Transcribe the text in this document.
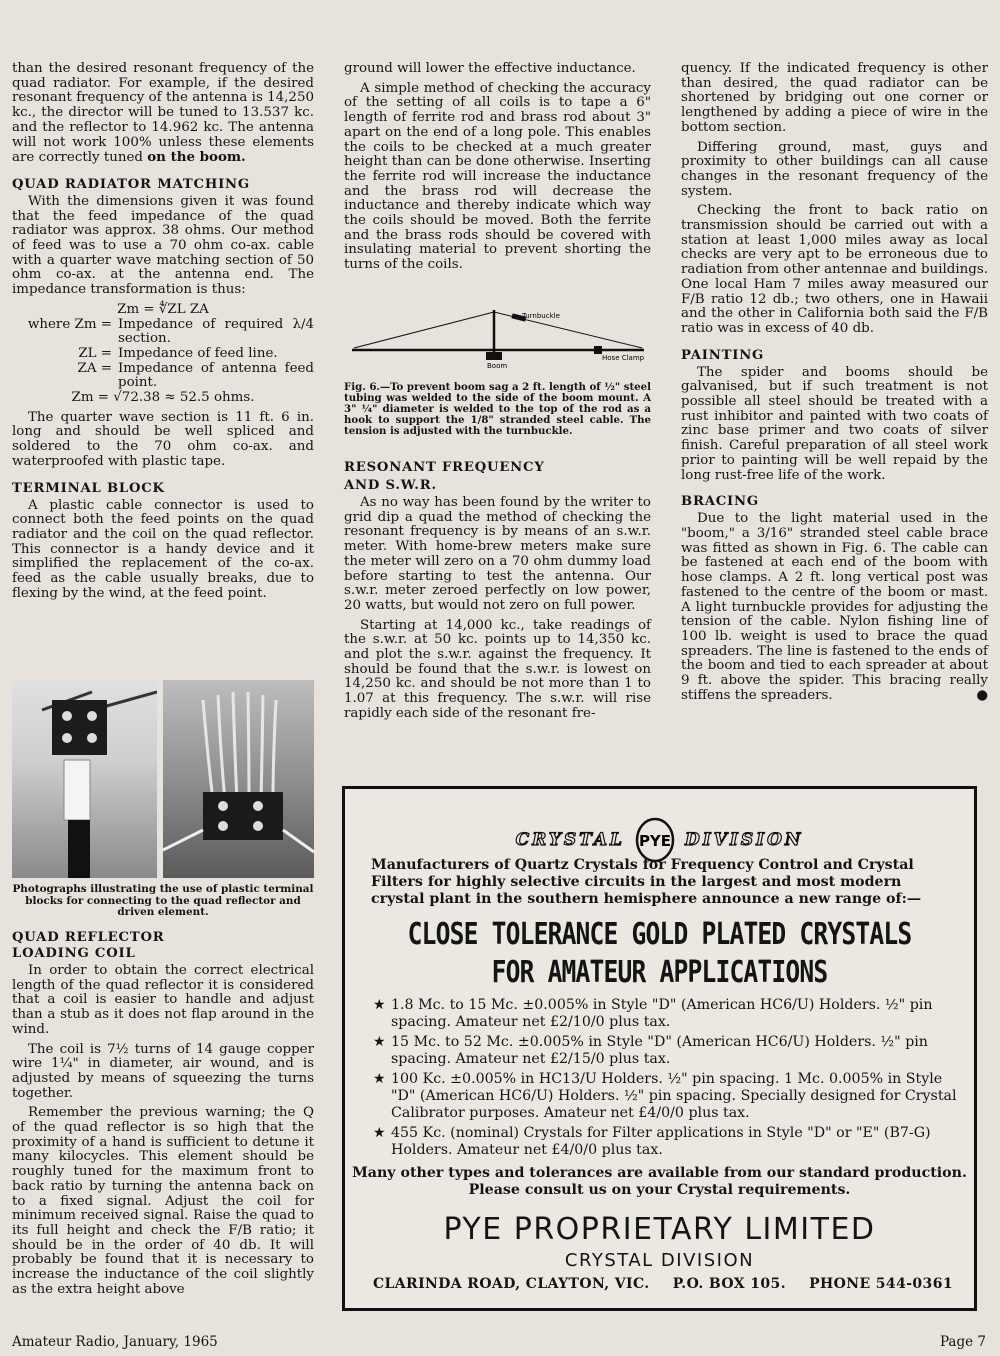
than the desired resonant frequency of the quad radiator. For example, if the desired resonant frequency of the antenna is 14,250 kc., the director will be tuned to 13.537 kc. and the reflector to 14.962 kc. The antenna will not work 100% unless these elements are correctly tuned on the boom.

QUAD RADIATOR MATCHING

With the dimensions given it was found that the feed impedance of the quad radiator was approx. 38 ohms. Our method of feed was to use a 70 ohm co-ax. cable with a quarter wave matching section of 50 ohm co-ax. at the antenna end. The impedance transformation is thus:

Zm = ∜ZL ZA
where Zm = Impedance of required λ/4 section.
ZL = Impedance of feed line.
ZA = Impedance of antenna feed point.
Zm = √72.38 ≈ 52.5 ohms.

The quarter wave section is 11 ft. 6 in. long and should be well spliced and soldered to the 70 ohm co-ax. and waterproofed with plastic tape.

TERMINAL BLOCK

A plastic cable connector is used to connect both the feed points on the quad radiator and the coil on the quad reflector. This connector is a handy device and it simplified the replacement of the co-ax. feed as the cable usually breaks, due to flexing by the wind, at the feed point.

Photographs illustrating the use of plastic terminal blocks for connecting to the quad reflector and driven element.
QUAD REFLECTOR
LOADING COIL

In order to obtain the correct electrical length of the quad reflector it is considered that a coil is easier to handle and adjust than a stub as it does not flap around in the wind.

The coil is 7½ turns of 14 gauge copper wire 1¼" in diameter, air wound, and is adjusted by means of squeezing the turns together.

Remember the previous warning; the Q of the quad reflector is so high that the proximity of a hand is sufficient to detune it many kilocycles. This element should be roughly tuned for the maximum front to back ratio by turning the antenna back on to a fixed signal. Adjust the coil for minimum received signal. Raise the quad to its full height and check the F/B ratio; it should be in the order of 40 db. It will probably be found that it is necessary to increase the inductance of the coil slightly as the extra height above

ground will lower the effective inductance.

A simple method of checking the accuracy of the setting of all coils is to tape a 6" length of ferrite rod and brass rod about 3" apart on the end of a long pole. This enables the coils to be checked at a much greater height than can be done otherwise. Inserting the ferrite rod will increase the inductance and the brass rod will decrease the inductance and thereby indicate which way the coils should be moved. Both the ferrite and the brass rods should be covered with insulating material to prevent shorting the turns of the coils.

Turnbuckle
Boom
Hose Clamp
Fig. 6.—To prevent boom sag a 2 ft. length of ½" steel tubing was welded to the side of the boom mount. A 3" ¼" diameter is welded to the top of the rod as a hook to support the 1/8" stranded steel cable. The tension is adjusted with the turnbuckle.
RESONANT FREQUENCY
AND S.W.R.

As no way has been found by the writer to grid dip a quad the method of checking the resonant frequency is by means of an s.w.r. meter. With home-brew meters make sure the meter will zero on a 70 ohm dummy load before starting to test the antenna. Our s.w.r. meter zeroed perfectly on low power, 20 watts, but would not zero on full power.

Starting at 14,000 kc., take readings of the s.w.r. at 50 kc. points up to 14,350 kc. and plot the s.w.r. against the frequency. It should be found that the s.w.r. is lowest on 14,250 kc. and should be not more than 1 to 1.07 at this frequency. The s.w.r. will rise rapidly each side of the resonant fre-

quency. If the indicated frequency is other than desired, the quad radiator can be shortened by bridging out one corner or lengthened by adding a piece of wire in the bottom section.

Differing ground, mast, guys and proximity to other buildings can all cause changes in the resonant frequency of the system.

Checking the front to back ratio on transmission should be carried out with a station at least 1,000 miles away as local checks are very apt to be erroneous due to radiation from other antennae and buildings. One local Ham 7 miles away measured our F/B ratio 12 db.; two others, one in Hawaii and the other in California both said the F/B ratio was in excess of 40 db.

PAINTING

The spider and booms should be galvanised, but if such treatment is not possible all steel should be treated with a rust inhibitor and painted with two coats of zinc base primer and two coats of silver finish. Careful preparation of all steel work prior to painting will be well repaid by the long rust-free life of the work.

BRACING

Due to the light material used in the "boom," a 3/16" stranded steel cable brace was fitted as shown in Fig. 6. The cable can be fastened at each end of the boom with hose clamps. A 2 ft. long vertical post was fastened to the centre of the boom or mast. A light turnbuckle provides for adjusting the tension of the cable. Nylon fishing line of 100 lb. weight is used to brace the quad spreaders. The line is fastened to the ends of the boom and tied to each spreader at about 9 ft. above the spider. This bracing really stiffens the spreaders.	●

CRYSTAL PYE DIVISION
Manufacturers of Quartz Crystals for Frequency Control and Crystal Filters for highly selective circuits in the largest and most modern crystal plant in the southern hemisphere announce a new range of:—
CLOSE TOLERANCE GOLD PLATED CRYSTALS
FOR AMATEUR APPLICATIONS
★ 1.8 Mc. to 15 Mc. ±0.005% in Style "D" (American HC6/U) Holders. ½" pin spacing. Amateur net £2/10/0 plus tax.
★ 15 Mc. to 52 Mc. ±0.005% in Style "D" (American HC6/U) Holders. ½" pin spacing. Amateur net £2/15/0 plus tax.
★ 100 Kc. ±0.005% in HC13/U Holders. ½" pin spacing. 1 Mc. 0.005% in Style "D" (American HC6/U) Holders. ½" pin spacing. Specially designed for Crystal Calibrator purposes. Amateur net £4/0/0 plus tax.
★ 455 Kc. (nominal) Crystals for Filter applications in Style "D" or "E" (B7-G) Holders. Amateur net £4/0/0 plus tax.
Many other types and tolerances are available from our standard production.
Please consult us on your Crystal requirements.
PYE PROPRIETARY LIMITED
CRYSTAL DIVISION
CLARINDA ROAD, CLAYTON, VIC. P.O. BOX 105. PHONE 544-0361
Amateur Radio, January, 1965	Page 7
